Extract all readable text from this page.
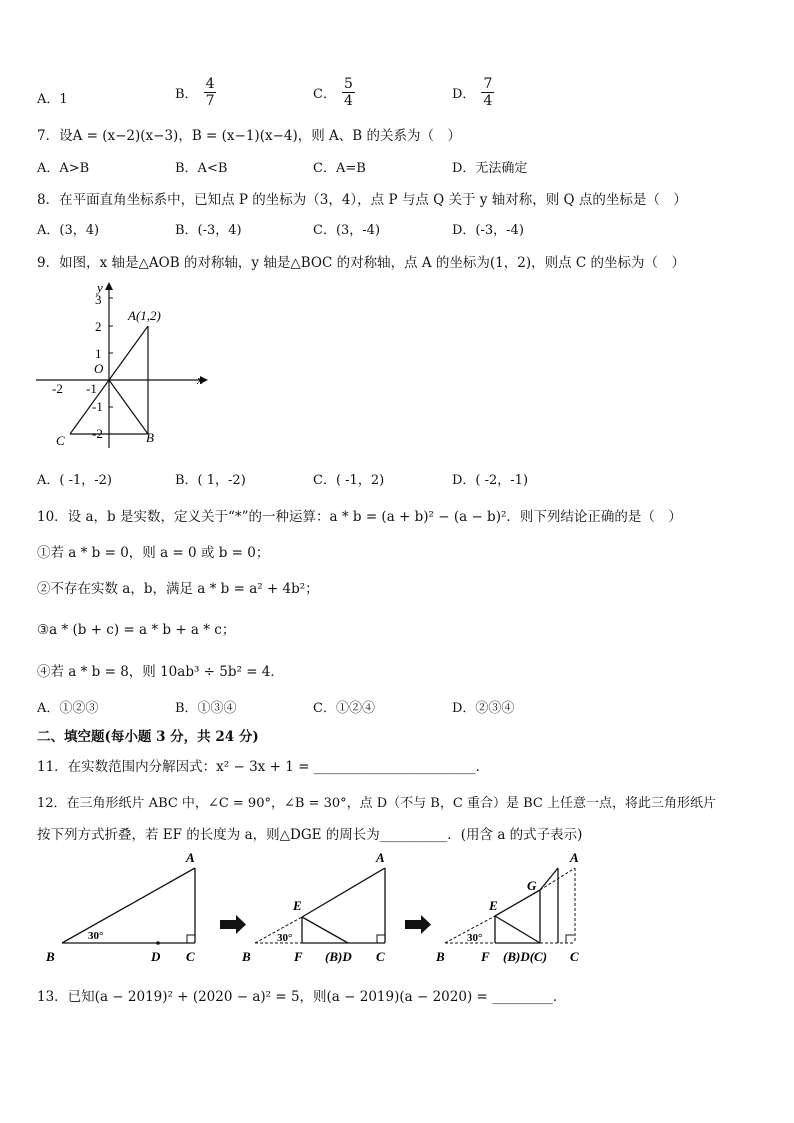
A．1	B． $\frac{4}{7}$	C． $\frac{5}{4}$	D． $\frac{7}{4}$
7．设A = (x−2)(x−3)，B = (x−1)(x−4)，则 A、B 的关系为（　）
A．A>B	B．A<B	C．A=B	D．无法确定
8．在平面直角坐标系中，已知点 P 的坐标为（3，4），点 P 与点 Q 关于 y 轴对称，则 Q 点的坐标是（　）
A．(3，4)	B．(-3，4)	C．(3，-4)	D．(-3，-4)
9．如图，x 轴是△AOB 的对称轴，y 轴是△BOC 的对称轴，点 A 的坐标为(1，2)，则点 C 的坐标为（　）
y
x
3
2
1
O
-2 -1
-1
-2
A(1,2)
B
C
A．( -1，-2)	B．( 1，-2)	C．( -1，2)	D．( -2，-1)
10．设 a，b 是实数，定义关于“*”的一种运算：a * b = (a + b)² − (a − b)²．则下列结论正确的是（　）
①若 a * b = 0，则 a = 0 或 b = 0；
②不存在实数 a，b，满足 a * b = a² + 4b²；
③a * (b + c) = a * b + a * c；
④若 a * b = 8，则 10ab³ ÷ 5b² = 4．
A．①②③	B．①③④	C．①②④	D．②③④
二、填空题(每小题 3 分，共 24 分)
11．在实数范围内分解因式：x² − 3x + 1 = ________________________．
12．在三角形纸片 ABC 中，∠C = 90°，∠B = 30°，点 D（不与 B，C 重合）是 BC 上任意一点，将此三角形纸片
按下列方式折叠，若 EF 的长度为 a，则△DGE 的周长为__________．(用含 a 的式子表示)
30°
A
B	C
D
30°
A
E
B	F (B)D C
30°
A
G
E
B	F (B)D(C) C
13．已知(a − 2019)² + (2020 − a)² = 5，则(a − 2019)(a − 2020) = _________．
